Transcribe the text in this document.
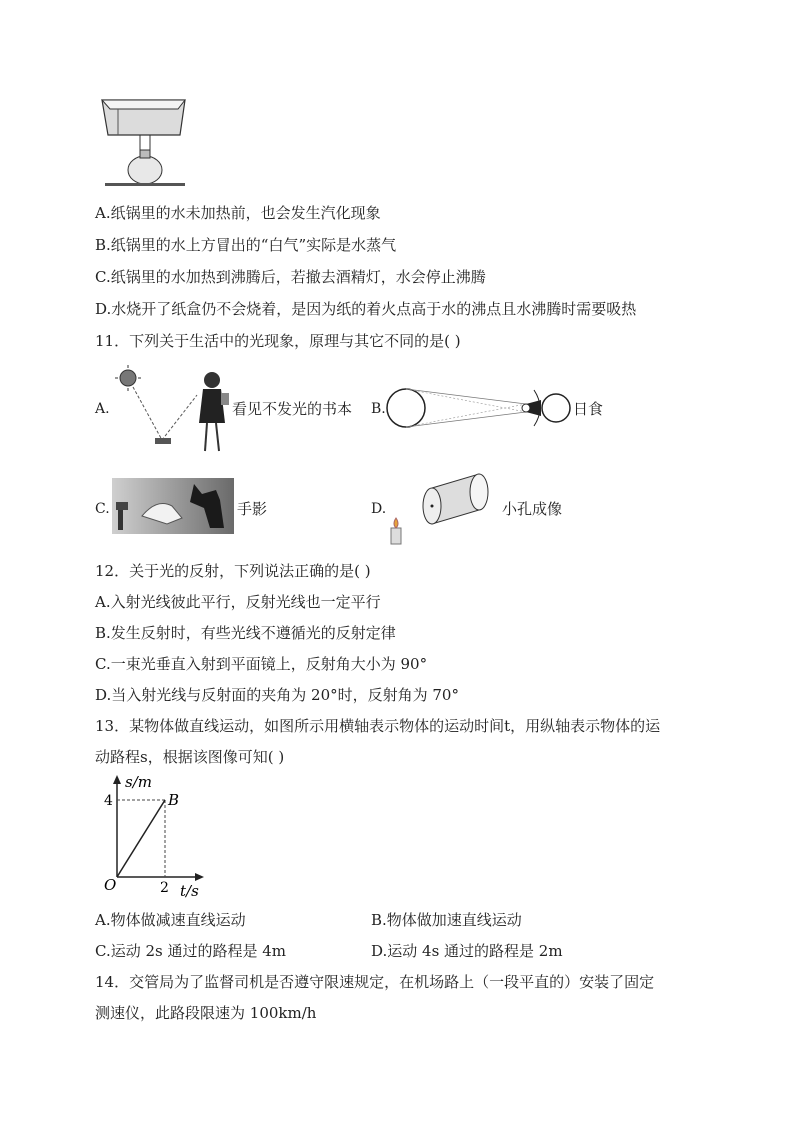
A.纸锅里的水未加热前，也会发生汽化现象
B.纸锅里的水上方冒出的“白气”实际是水蒸气
C.纸锅里的水加热到沸腾后，若撤去酒精灯，水会停止沸腾
D.水烧开了纸盒仍不会烧着，是因为纸的着火点高于水的沸点且水沸腾时需要吸热
11．下列关于生活中的光现象，原理与其它不同的是( )
A.	看见不发光的书本 B.	日食
C.	手影	D.	小孔成像
12．关于光的反射，下列说法正确的是( )
A.入射光线彼此平行，反射光线也一定平行
B.发生反射时，有些光线不遵循光的反射定律
C.一束光垂直入射到平面镜上，反射角大小为 90°
D.当入射光线与反射面的夹角为 20°时，反射角为 70°
13．某物体做直线运动，如图所示用横轴表示物体的运动时间t，用纵轴表示物体的运
动路程s，根据该图像可知( )
s/m
B
4
O	2 t/s
A.物体做减速直线运动	B.物体做加速直线运动
C.运动 2s 通过的路程是 4m	D.运动 4s 通过的路程是 2m
14．交管局为了监督司机是否遵守限速规定，在机场路上（一段平直的）安装了固定
测速仪，此路段限速为 100km/h
